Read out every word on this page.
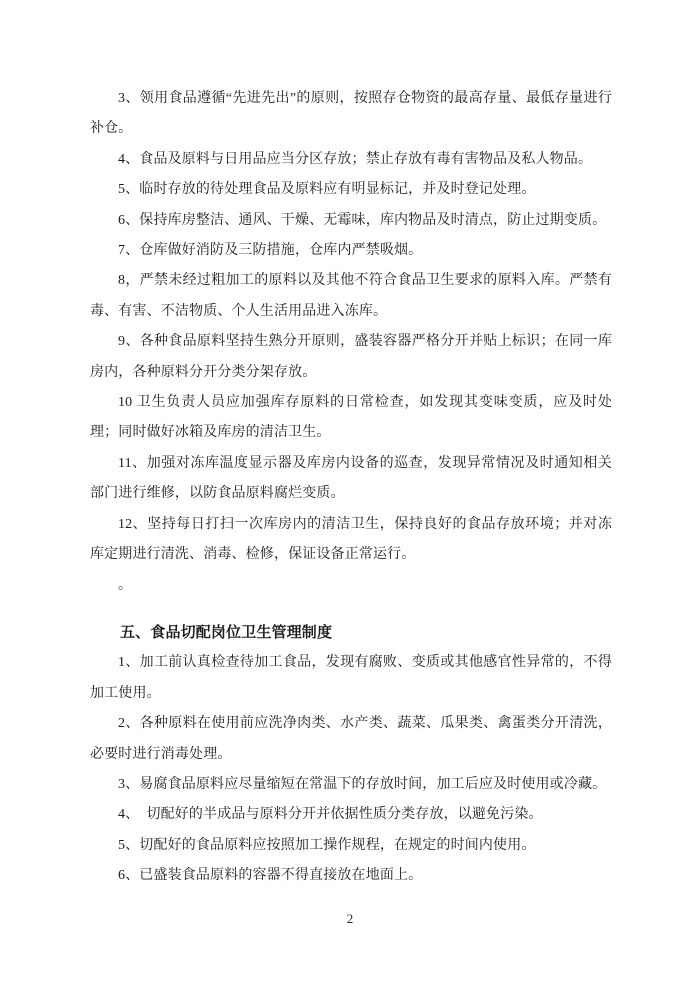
3、领用食品遵循“先进先出”的原则，按照存仓物资的最高存量、最低存量进行补仓。

4、食品及原料与日用品应当分区存放；禁止存放有毒有害物品及私人物品。

5、临时存放的待处理食品及原料应有明显标记，并及时登记处理。

6、保持库房整洁、通风、干燥、无霉味，库内物品及时清点，防止过期变质。

7、仓库做好消防及三防措施，仓库内严禁吸烟。

8，严禁未经过粗加工的原料以及其他不符合食品卫生要求的原料入库。严禁有毒、有害、不洁物质、个人生活用品进入冻库。

9、各种食品原料坚持生熟分开原则，盛装容器严格分开并贴上标识；在同一库房内，各种原料分开分类分架存放。

10 卫生负责人员应加强库存原料的日常检查，如发现其变味变质，应及时处理；同时做好冰箱及库房的清洁卫生。

11、加强对冻库温度显示器及库房内设备的巡查，发现异常情况及时通知相关部门进行维修，以防食品原料腐烂变质。

12、坚持每日打扫一次库房内的清洁卫生，保持良好的食品存放环境；并对冻库定期进行清洗、消毒、检修，保证设备正常运行。

。

五、食品切配岗位卫生管理制度

1、加工前认真检查待加工食品，发现有腐败、变质或其他感官性异常的，不得加工使用。

2、各种原料在使用前应洗净肉类、水产类、蔬菜、瓜果类、禽蛋类分开清洗，必要时进行消毒处理。

3、易腐食品原料应尽量缩短在常温下的存放时间，加工后应及时使用或冷藏。

4、　切配好的半成品与原料分开并依据性质分类存放，以避免污染。

5、切配好的食品原料应按照加工操作规程，在规定的时间内使用。

6、已盛装食品原料的容器不得直接放在地面上。

2
